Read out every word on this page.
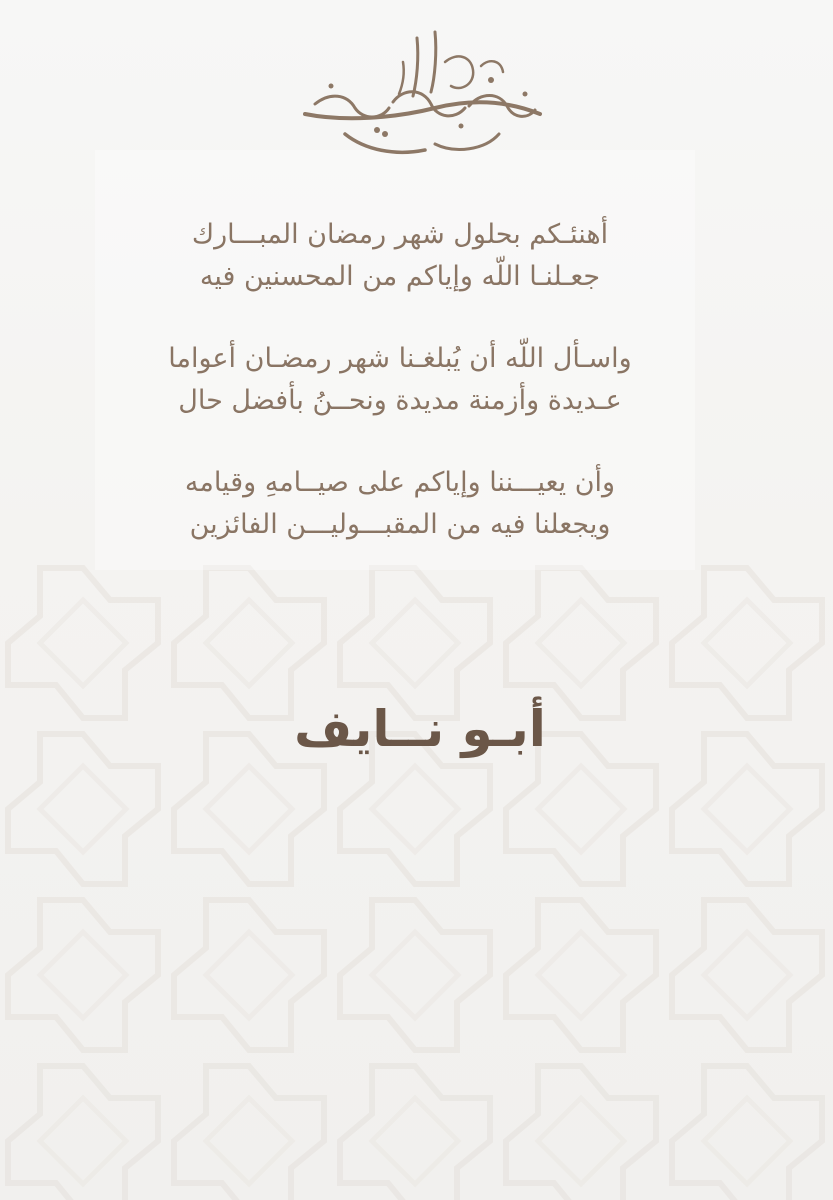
أهنئـكم بحلول شهر رمضان المبـــارك
جعـلنـا اللّه وإياكم من المحسنين فيه

واسـأل اللّه أن يُبلغـنا شهر رمضـان أعواما
عـديدة وأزمنة مديدة ونحــنُ بأفضل حال

وأن يعيـــننا وإياكم على صيــامهِ وقيامه
ويجعلنا فيه من المقبـــوليـــن الفائزين

أبـو نــايف
